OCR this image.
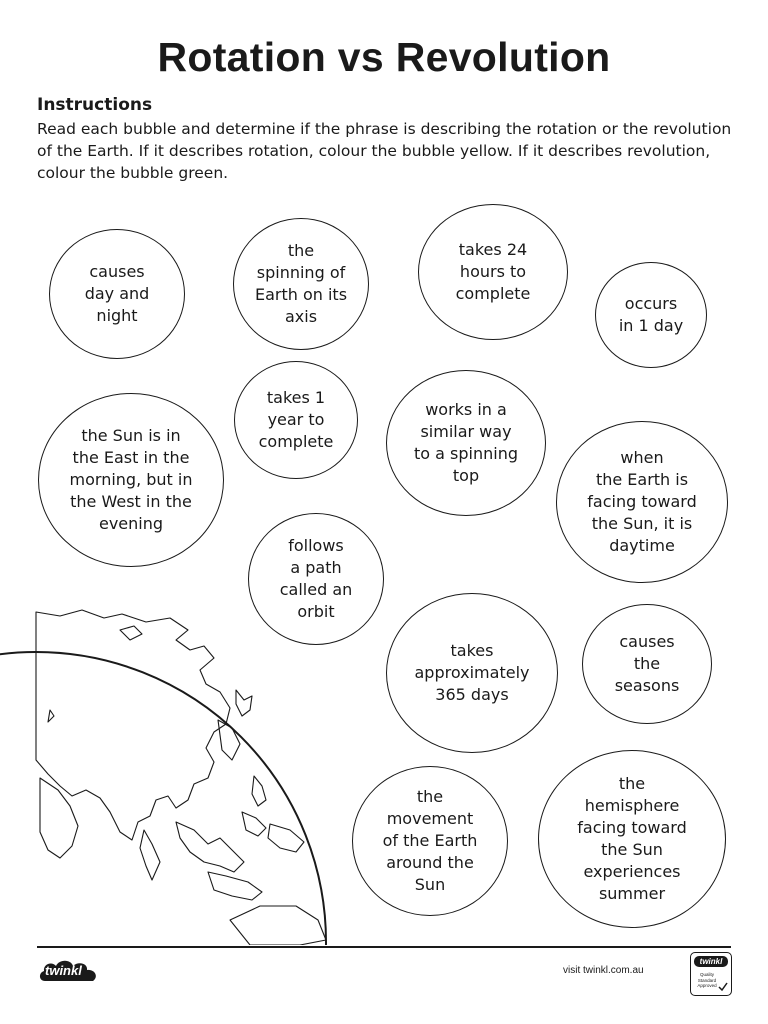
Rotation vs Revolution
Instructions
Read each bubble and determine if the phrase is describing the rotation or the revolution of the Earth. If it describes rotation, colour the bubble yellow. If it describes revolution, colour the bubble green.
causes
day and
night
the
spinning of
Earth on its
axis
takes 24
hours to
complete
occurs
in 1 day
takes 1
year to
complete
works in a
similar way
to a spinning
top
the Sun is in
the East in the
morning, but in
the West in the
evening
when
the Earth is
facing toward
the Sun, it is
daytime
follows
a path
called an
orbit
takes
approximately
365 days
causes
the
seasons
the
movement
of the Earth
around the
Sun
the
hemisphere
facing toward
the Sun
experiences
summer
twinkl	visit twinkl.com.au
twinkl
Quality Standard Approved
